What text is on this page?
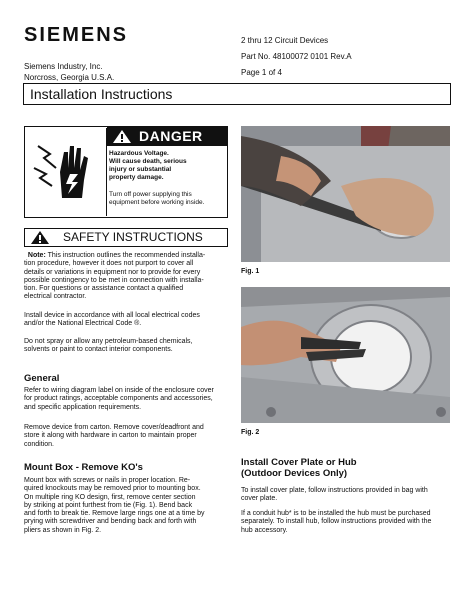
SIEMENS
Siemens Industry, Inc.
Norcross, Georgia U.S.A.
2 thru 12 Circuit Devices
Part No. 48100072 0101 Rev.A
Page 1 of 4
Installation Instructions
DANGER
Hazardous Voltage.
Will cause death, serious
injury or substantial
property damage.
Turn off power supplying this
equipment before working inside.
SAFETY INSTRUCTIONS
Note: This instruction outlines the recommended installa-
tion procedure, however it does not purport to cover all
details or variations in equipment nor to provide for every
possible contingency to be met in connection with installa-
tion. For questions or assistance contact a qualified
electrical contractor.
Install device in accordance with all local electrical codes
and/or the National Electrical Code ®.
Do not spray or allow any petroleum-based chemicals,
solvents or paint to contact interior components.
General
Refer to wiring diagram label on inside of the enclosure cover
for product ratings, acceptable components and accessories,
and specific application requirements.
Remove device from carton. Remove cover/deadfront and
store it along with hardware in carton to maintain proper
condition.
Mount Box - Remove KO's
Mount box with screws or nails in proper location. Re-
quired knockouts may be removed prior to mounting box.
On multiple ring KO design, first, remove center section
by striking at point furthest from tie (Fig. 1). Bend back
and forth to break tie. Remove large rings one at a time by
prying with screwdriver and bending back and forth with
pliers as shown in Fig. 2.
Fig. 1
Fig. 2
Install Cover Plate or Hub
(Outdoor Devices Only)
To install cover plate, follow instructions provided in bag with
cover plate.
If a conduit hub* is to be installed the hub must be purchased
separately. To install hub, follow instructions provided with the
hub accessory.
